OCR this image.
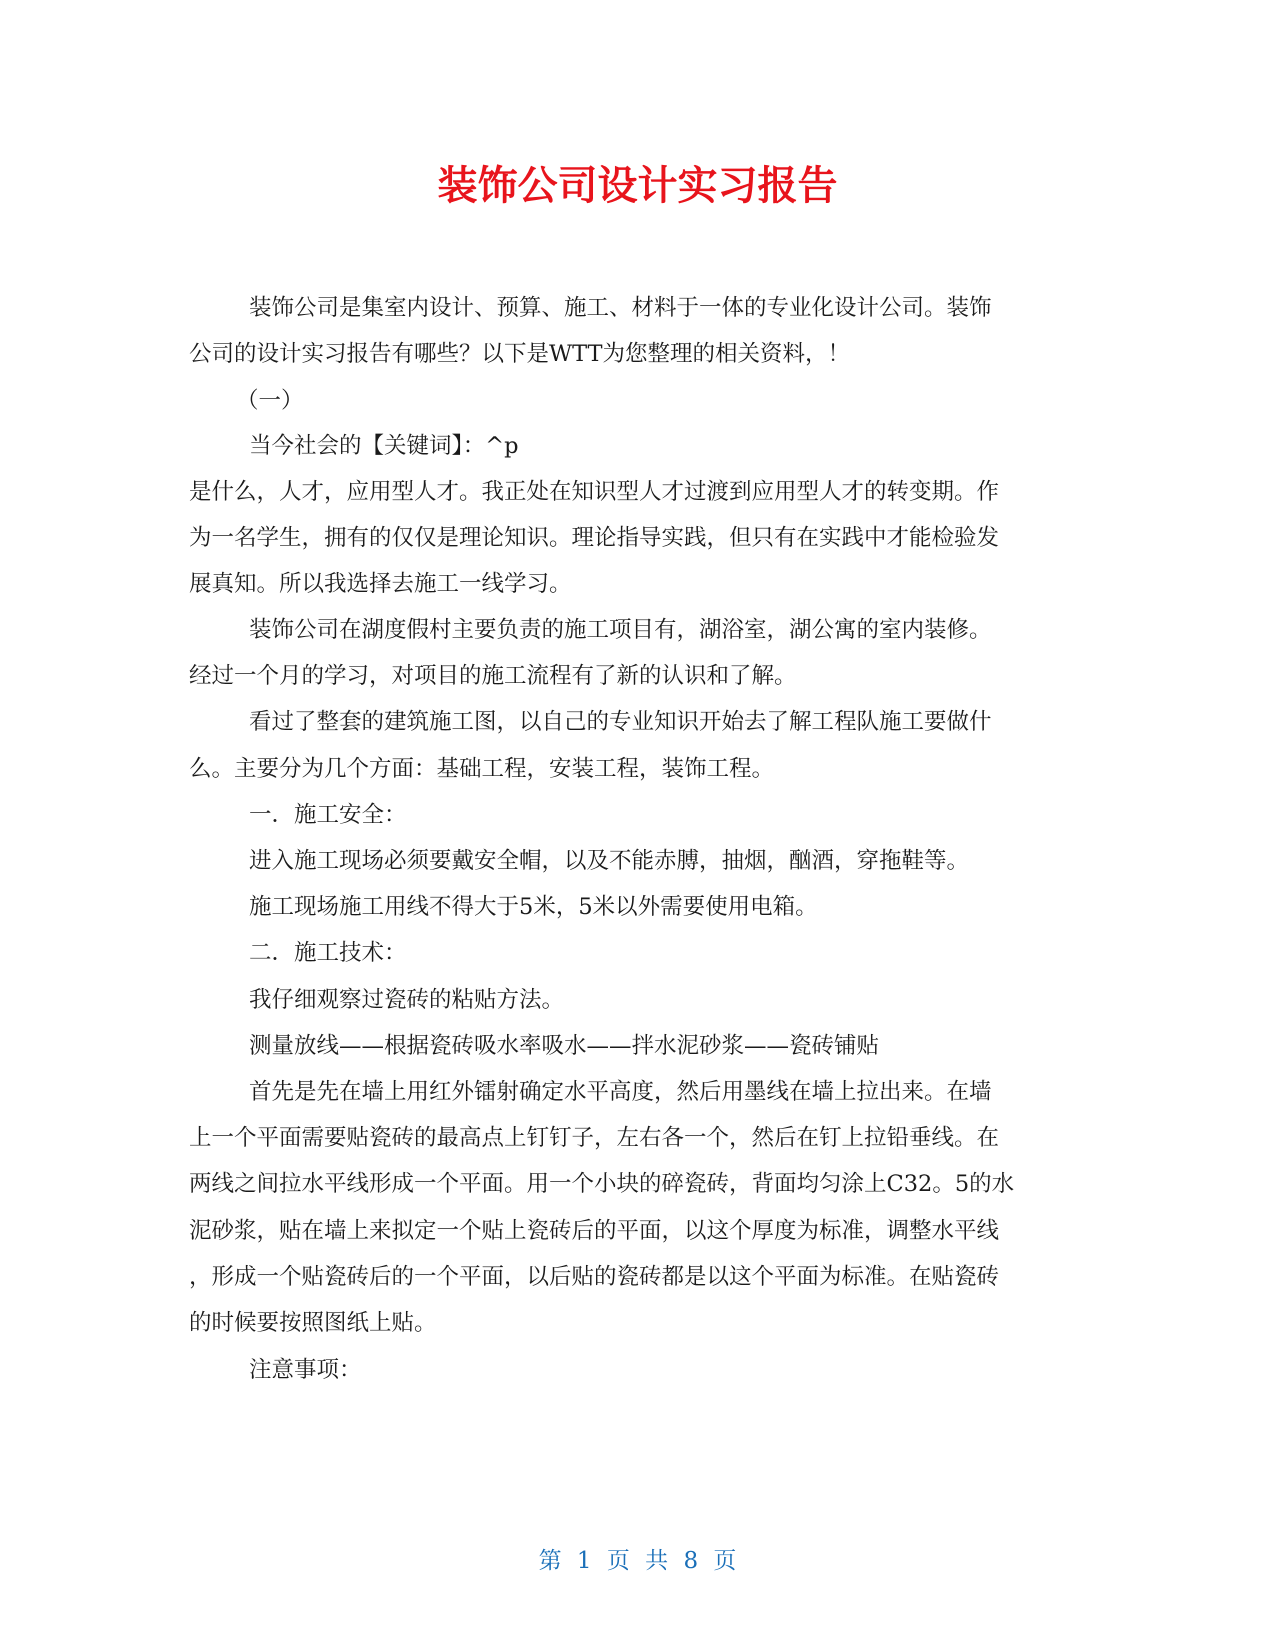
装饰公司设计实习报告

装饰公司是集室内设计、预算、施工、材料于一体的专业化设计公司。装饰

公司的设计实习报告有哪些？以下是WTT为您整理的相关资料，！

（一）

当今社会的【关键词】：^p

是什么，人才，应用型人才。我正处在知识型人才过渡到应用型人才的转变期。作

为一名学生，拥有的仅仅是理论知识。理论指导实践，但只有在实践中才能检验发

展真知。所以我选择去施工一线学习。

装饰公司在湖度假村主要负责的施工项目有，湖浴室，湖公寓的室内装修。

经过一个月的学习，对项目的施工流程有了新的认识和了解。

看过了整套的建筑施工图，以自己的专业知识开始去了解工程队施工要做什

么。主要分为几个方面：基础工程，安装工程，装饰工程。

一．施工安全：

进入施工现场必须要戴安全帽，以及不能赤膊，抽烟，酗酒，穿拖鞋等。

施工现场施工用线不得大于5米，5米以外需要使用电箱。

二．施工技术：

我仔细观察过瓷砖的粘贴方法。

测量放线——根据瓷砖吸水率吸水——拌水泥砂浆——瓷砖铺贴

首先是先在墙上用红外镭射确定水平高度，然后用墨线在墙上拉出来。在墙

上一个平面需要贴瓷砖的最高点上钉钉子，左右各一个，然后在钉上拉铅垂线。在

两线之间拉水平线形成一个平面。用一个小块的碎瓷砖，背面均匀涂上C32。5的水

泥砂浆，贴在墙上来拟定一个贴上瓷砖后的平面，以这个厚度为标准，调整水平线

，形成一个贴瓷砖后的一个平面，以后贴的瓷砖都是以这个平面为标准。在贴瓷砖

的时候要按照图纸上贴。

注意事项：

第 1 页 共 8 页
